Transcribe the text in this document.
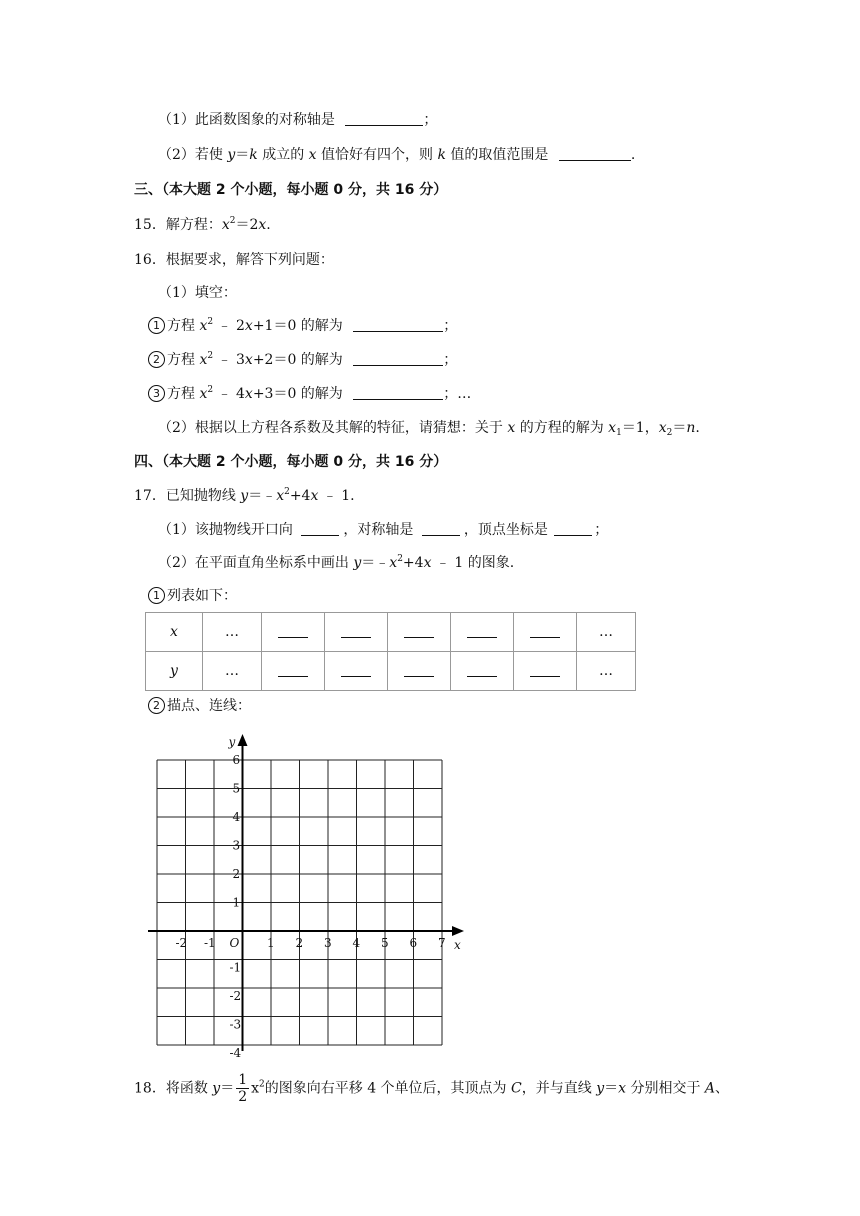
（1）此函数图象的对称轴是	；
（2）若使 y＝k 成立的 x 值恰好有四个，则 k 值的取值范围是	.
三、（本大题 2 个小题，每小题 0 分，共 16 分）
15．解方程：$x^2=2x$.
16．根据要求，解答下列问题：
（1）填空：
1 方程 $x^2$ ﹣ 2x+1＝0 的解为	；
2 方程 $x^2$ ﹣ 3x+2＝0 的解为	；
3 方程 $x^2$ ﹣ 4x+3＝0 的解为	；…
（2）根据以上方程各系数及其解的特征，请猜想：关于 x 的方程的解为 $x_1=1$，$x_2=n$.
四、（本大题 2 个小题，每小题 0 分，共 16 分）
17．已知抛物线 $y=﹣x^2+4x$ ﹣ 1.
（1）该抛物线开口向	，对称轴是	，顶点坐标是	；
（2）在平面直角坐标系中画出 $y=﹣x^2+4x$ ﹣ 1 的图象.
1 列表如下：
x	…						…
y	…						…
2 描点、连线：
-2 -1	1 2 3 4 5 6 7
6
5
4
3
2
1
-1
-2
-3
-4
O	x
y
18．将函数 $y= \frac{1}{2} x^2$的图象向右平移 4 个单位后，其顶点为 C，并与直线 y＝x 分别相交于 A、
